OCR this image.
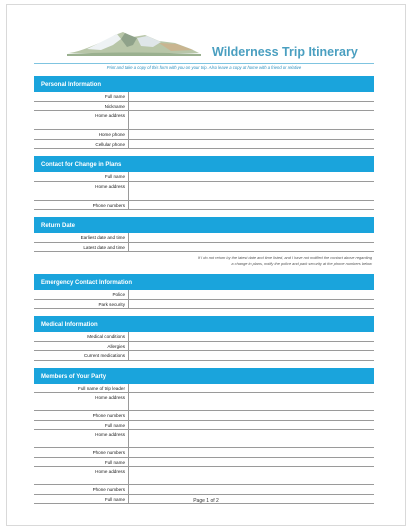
Wilderness Trip Itinerary
Print and take a copy of this form with you on your trip. Also leave a copy at home with a friend or relative
Personal Information
Full name
Nickname
Home address
Home phone
Cellular phone
Contact for Change in Plans
Full name
Home address
Phone numbers
Return Date
Earliest date and time
Latest date and time
If I do not return by the latest date and time listed, and I have not notified the contact above regarding
a change in plans, notify the police and park security at the phone numbers below
Emergency Contact Information
Police
Park security
Medical Information
Medical conditions
Allergies
Current medications
Members of Your Party
Full name of trip leader
Home address
Phone numbers
Full name
Home address
Phone numbers
Full name
Home address
Phone numbers
Full name	Page 1 of 2
